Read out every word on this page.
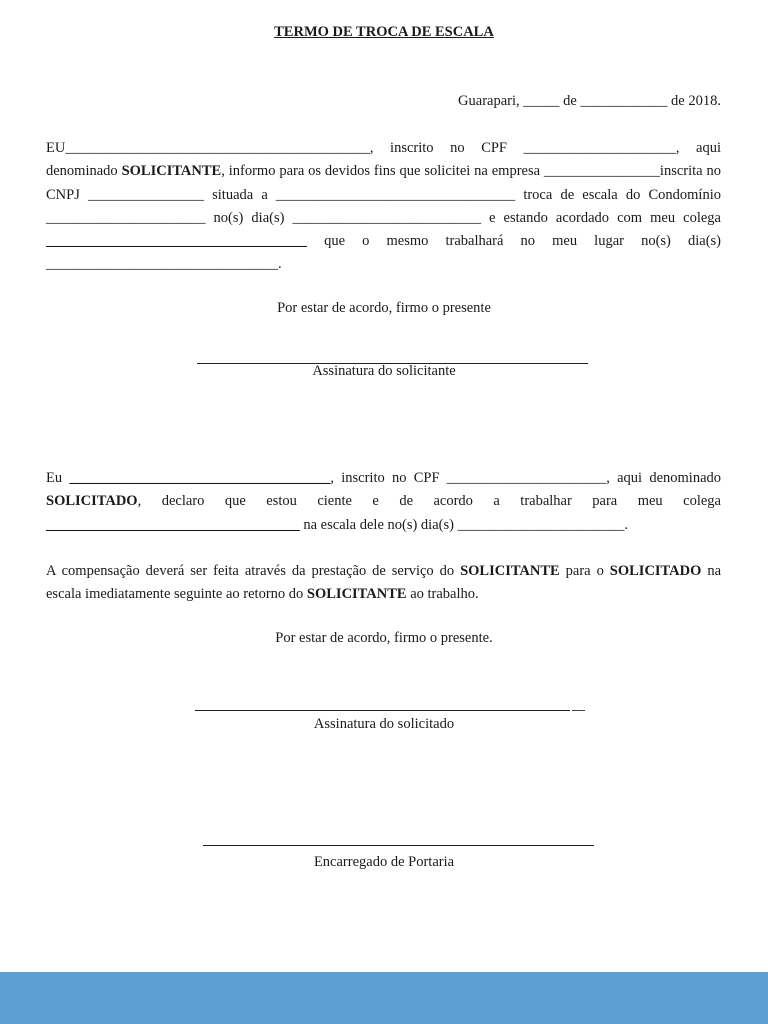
TERMO DE TROCA DE ESCALA
Guarapari, _____ de ____________ de 2018.
EU__________________________________________, inscrito no CPF _____________________, aqui denominado SOLICITANTE, informo para os devidos fins que solicitei na empresa ________________inscrita no CNPJ ________________ situada a _________________________________ troca de escala do Condomínio ______________________ no(s) dia(s) __________________________ e estando acordado com meu colega ____________________________________ que o mesmo trabalhará no meu lugar no(s) dia(s) ________________________________.
Por estar de acordo, firmo o presente
Assinatura do solicitante
Eu ____________________________________, inscrito no CPF ______________________, aqui denominado SOLICITADO, declaro que estou ciente e de acordo a trabalhar para meu colega ___________________________________ na escala dele no(s) dia(s) _______________________.
A compensação deverá ser feita através da prestação de serviço do SOLICITANTE para o SOLICITADO na escala imediatamente seguinte ao retorno do SOLICITANTE ao trabalho.
Por estar de acordo, firmo o presente.
Assinatura do solicitado
Encarregado de Portaria
